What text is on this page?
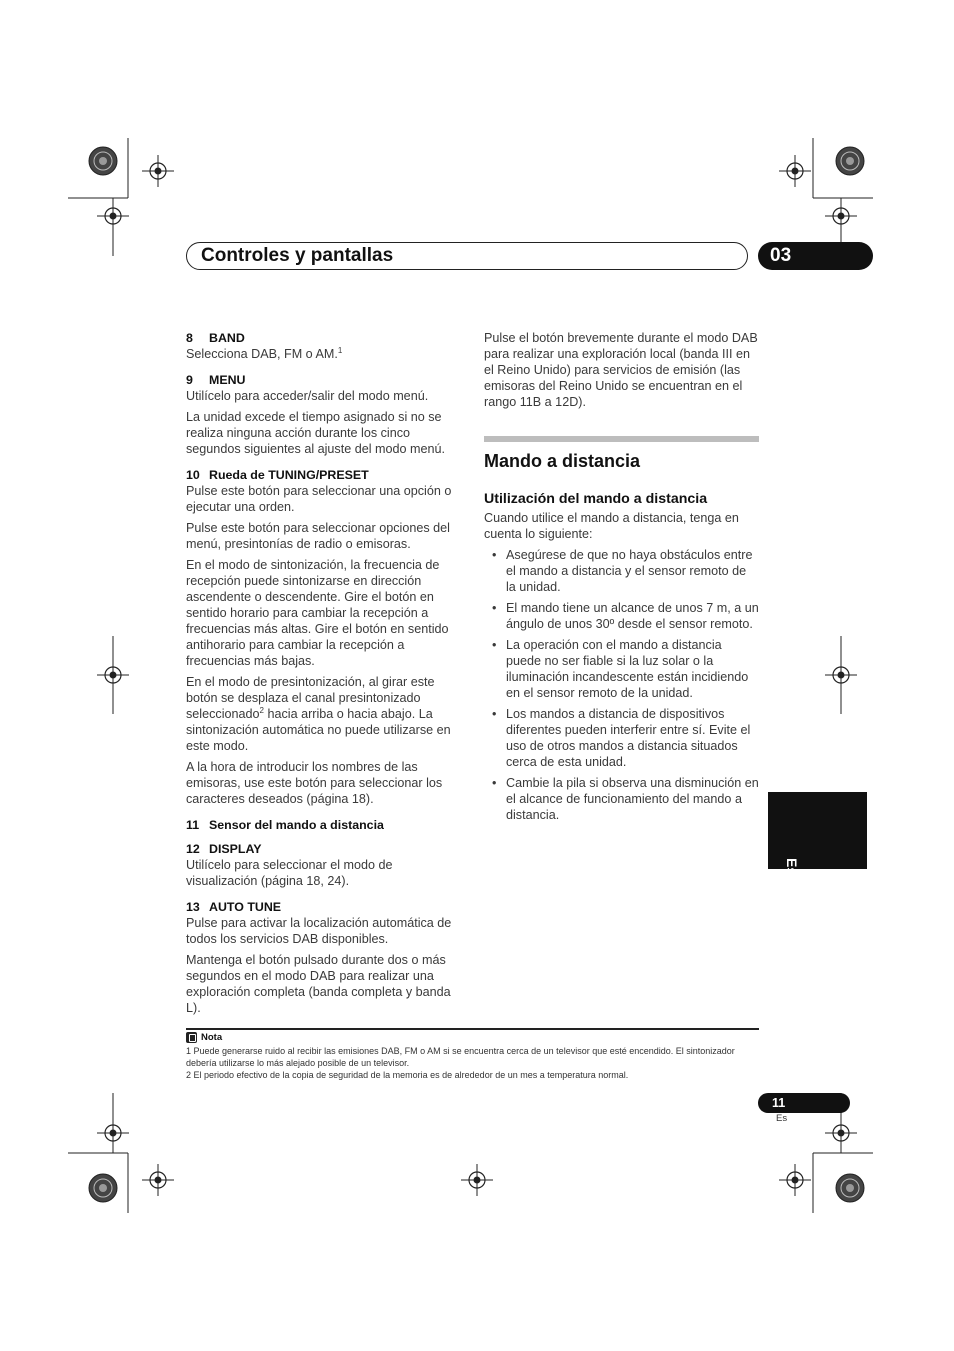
Controles y pantallas	03
8 BAND

Selecciona DAB, FM o AM.$^1$

9 MENU

Utilícelo para acceder/salir del modo menú.

La unidad excede el tiempo asignado si no se realiza ninguna acción durante los cinco segundos siguientes al ajuste del modo menú.

10 Rueda de TUNING/PRESET

Pulse este botón para seleccionar una opción o ejecutar una orden.

Pulse este botón para seleccionar opciones del menú, presintonías de radio o emisoras.

En el modo de sintonización, la frecuencia de recepción puede sintonizarse en dirección ascendente o descendente. Gire el botón en sentido horario para cambiar la recepción a frecuencias más altas. Gire el botón en sentido antihorario para cambiar la recepción a frecuencias más bajas.

En el modo de presintonización, al girar este botón se desplaza el canal presintonizado seleccionado$^2$ hacia arriba o hacia abajo. La sintonización automática no puede utilizarse en este modo.

A la hora de introducir los nombres de las emisoras, use este botón para seleccionar los caracteres deseados (página 18).

11 Sensor del mando a distancia
12 DISPLAY

Utilícelo para seleccionar el modo de visualización (página 18, 24).

13 AUTO TUNE

Pulse para activar la localización automática de todos los servicios DAB disponibles.

Mantenga el botón pulsado durante dos o más segundos en el modo DAB para realizar una exploración completa (banda completa y banda L).

Pulse el botón brevemente durante el modo DAB para realizar una exploración local (banda III en el Reino Unido) para servicios de emisión (las emisoras del Reino Unido se encuentran en el rango 11B a 12D).

Mando a distancia
Utilización del mando a distancia

Cuando utilice el mando a distancia, tenga en cuenta lo siguiente:

• Asegúrese de que no haya obstáculos entre el mando a distancia y el sensor remoto de la unidad.
• El mando tiene un alcance de unos 7 m, a un ángulo de unos 30º desde el sensor remoto.
• La operación con el mando a distancia puede no ser fiable si la luz solar o la iluminación incandescente están incidiendo en el sensor remoto de la unidad.
• Los mandos a distancia de dispositivos diferentes pueden interferir entre sí. Evite el uso de otros mandos a distancia situados cerca de esta unidad.
• Cambie la pila si observa una disminución en el alcance de funcionamiento del mando a distancia.
Español
Nota
1 Puede generarse ruido al recibir las emisiones DAB, FM o AM si se encuentra cerca de un televisor que esté encendido. El sintonizador debería utilizarse lo más alejado posible de un televisor.
2 El periodo efectivo de la copia de seguridad de la memoria es de alrededor de un mes a temperatura normal.
11
Es
